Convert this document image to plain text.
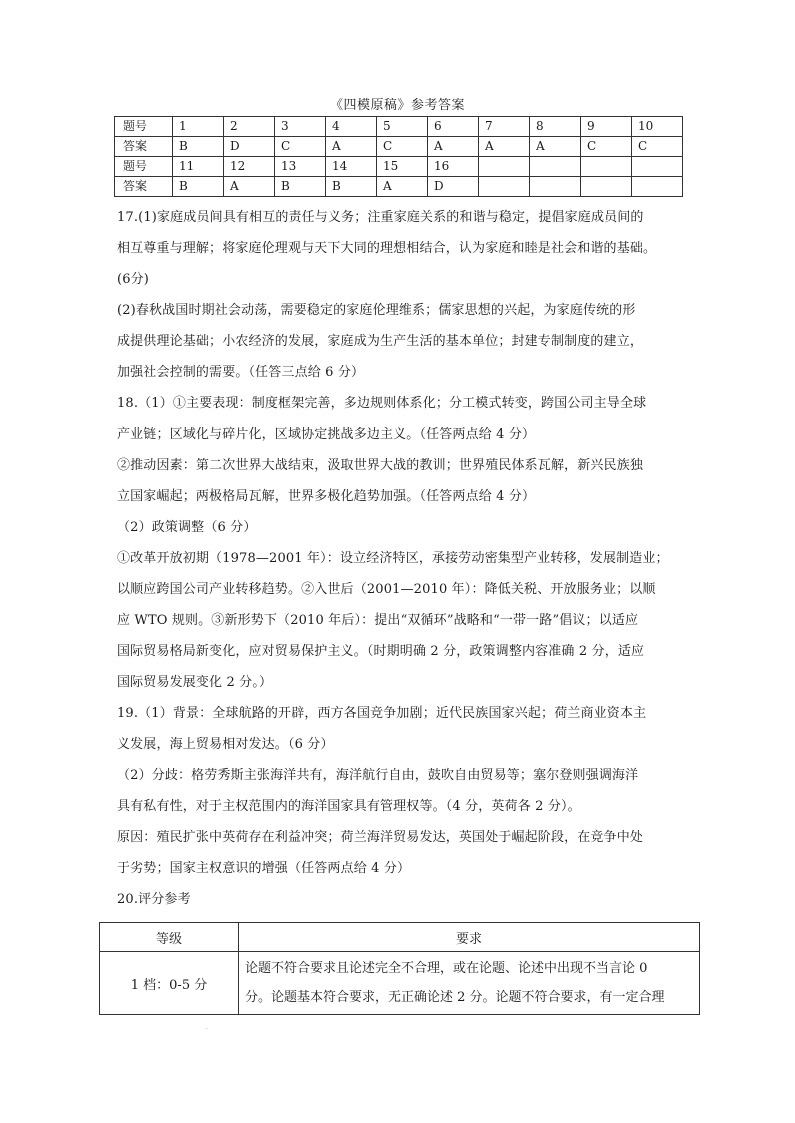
《四模原稿》参考答案
题号	1	2	3	4	5	6	7	8	9	10
答案	B	D	C	A	C	A	A	A	C	C
题号	11	12	13	14	15	16				
答案	B	A	B	B	A	D				

17.(1)家庭成员间具有相互的责任与义务；注重家庭关系的和谐与稳定，提倡家庭成员间的

相互尊重与理解；将家庭伦理观与天下大同的理想相结合，认为家庭和睦是社会和谐的基础。

(6分)

(2)春秋战国时期社会动荡，需要稳定的家庭伦理维系；儒家思想的兴起，为家庭传统的形

成提供理论基础；小农经济的发展，家庭成为生产生活的基本单位；封建专制制度的建立，

加强社会控制的需要。（任答三点给 6 分）

18.（1）①主要表现：制度框架完善，多边规则体系化；分工模式转变，跨国公司主导全球

产业链；区域化与碎片化，区域协定挑战多边主义。（任答两点给 4 分）

②推动因素：第二次世界大战结束，汲取世界大战的教训；世界殖民体系瓦解，新兴民族独

立国家崛起；两极格局瓦解，世界多极化趋势加强。（任答两点给 4 分）

（2）政策调整（6 分）

①改革开放初期（1978—2001 年）：设立经济特区，承接劳动密集型产业转移，发展制造业；

以顺应跨国公司产业转移趋势。②入世后（2001—2010 年）：降低关税、开放服务业；以顺

应 WTO 规则。③新形势下（2010 年后）：提出“双循环”战略和“一带一路”倡议；以适应

国际贸易格局新变化，应对贸易保护主义。（时期明确 2 分，政策调整内容准确 2 分，适应

国际贸易发展变化 2 分。）

19.（1）背景：全球航路的开辟，西方各国竞争加剧；近代民族国家兴起；荷兰商业资本主

义发展，海上贸易相对发达。（6 分）

（2）分歧：格劳秀斯主张海洋共有，海洋航行自由，鼓吹自由贸易等；塞尔登则强调海洋

具有私有性，对于主权范围内的海洋国家具有管理权等。（4 分，英荷各 2 分）。

原因：殖民扩张中英荷存在利益冲突；荷兰海洋贸易发达，英国处于崛起阶段，在竞争中处

于劣势；国家主权意识的增强（任答两点给 4 分）

20.评分参考

等级	要求
1 档：0-5 分	论题不符合要求且论述完全不合理，或在论题、论述中出现不当言论 0
分。论题基本符合要求，无正确论述 2 分。论题不符合要求，有一定合理
·
